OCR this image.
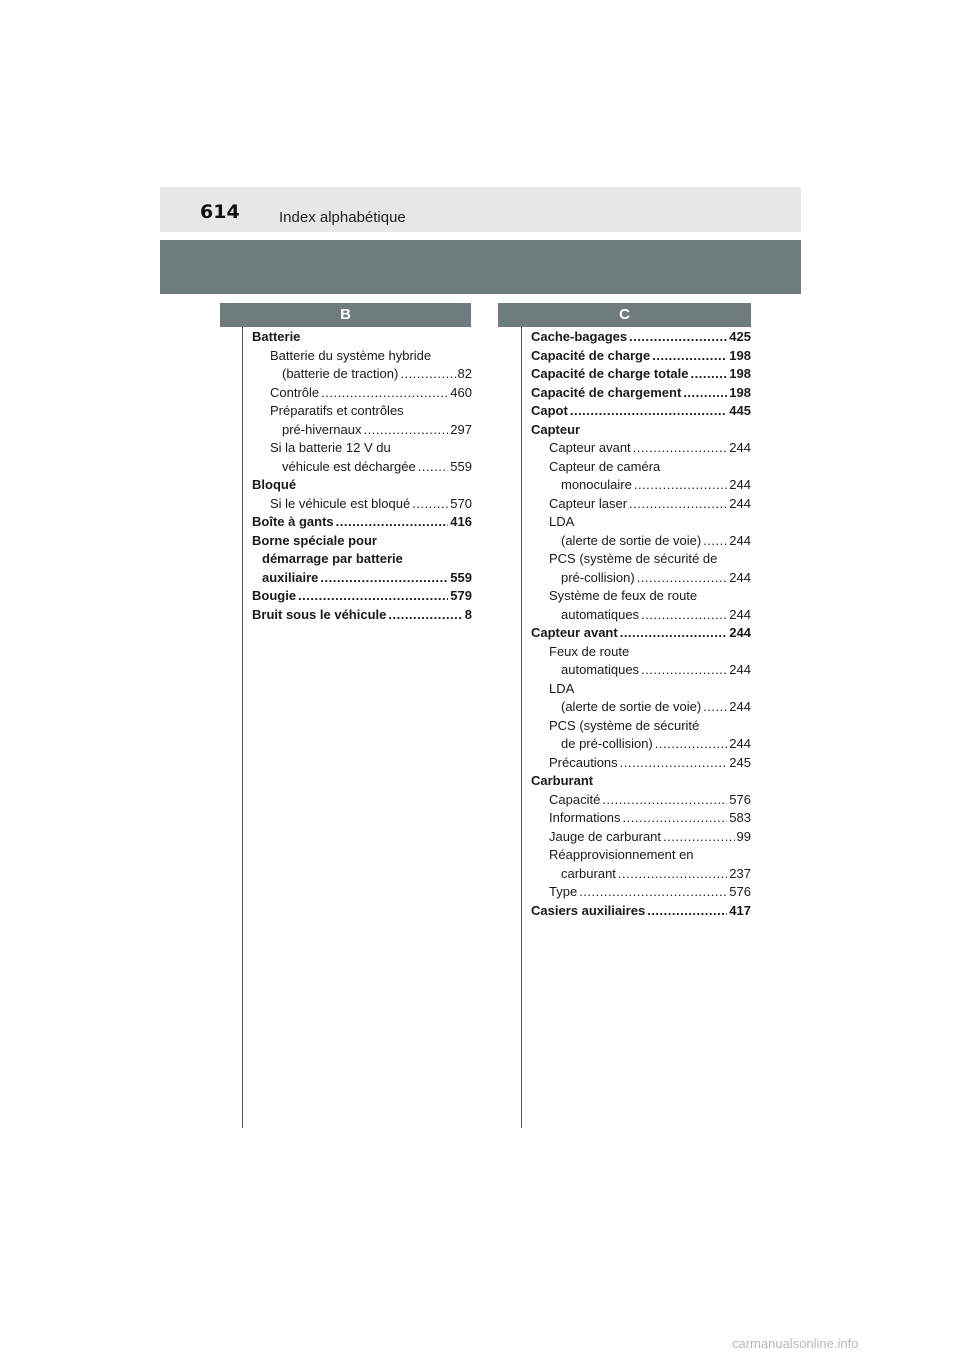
614	Index alphabétique
B	C
Batterie
Batterie du système hybride
(batterie de traction) .....	82
Contrôle .....	460
Préparatifs et contrôles
pré-hivernaux .....	297
Si la batterie 12 V du
véhicule est déchargée .....	559
Bloqué
Si le véhicule est bloqué .....	570
Boîte à gants .....	416
Borne spéciale pour
démarrage par batterie
auxiliaire .....	559
Bougie .....	579
Bruit sous le véhicule .....	8
Cache-bagages .....	425
Capacité de charge .....	198
Capacité de charge totale .....	198
Capacité de chargement .....	198
Capot .....	445
Capteur
Capteur avant .....	244
Capteur de caméra
monoculaire .....	244
Capteur laser .....	244
LDA
(alerte de sortie de voie) ..... 244
PCS (système de sécurité de
pré-collision) .....	244
Système de feux de route
automatiques .....	244
Capteur avant .....	244
Feux de route
automatiques .....	244
LDA
(alerte de sortie de voie) ..... 244
PCS (système de sécurité
de pré-collision) .....	244
Précautions .....	245
Carburant
Capacité .....	576
Informations .....	583
Jauge de carburant .....	99
Réapprovisionnement en
carburant .....	237
Type .....	576
Casiers auxiliaires .....	417
carmanualsonline.info
